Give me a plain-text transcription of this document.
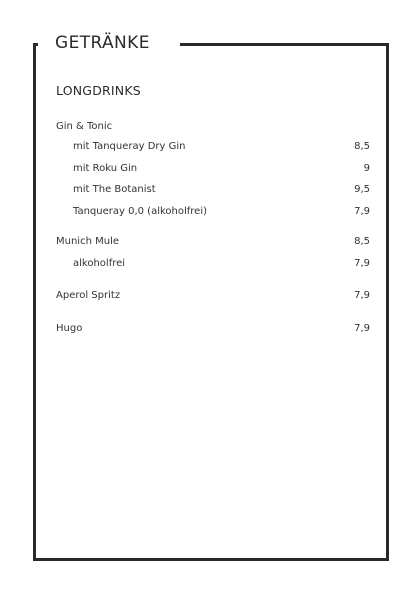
GETRÄNKE
LONGDRINKS
Gin & Tonic
mit Tanqueray Dry Gin	8,5
mit Roku Gin	9
mit The Botanist	9,5
Tanqueray 0,0 (alkoholfrei)	7,9
Munich Mule	8,5
alkoholfrei	7,9
Aperol Spritz	7,9
Hugo	7,9
